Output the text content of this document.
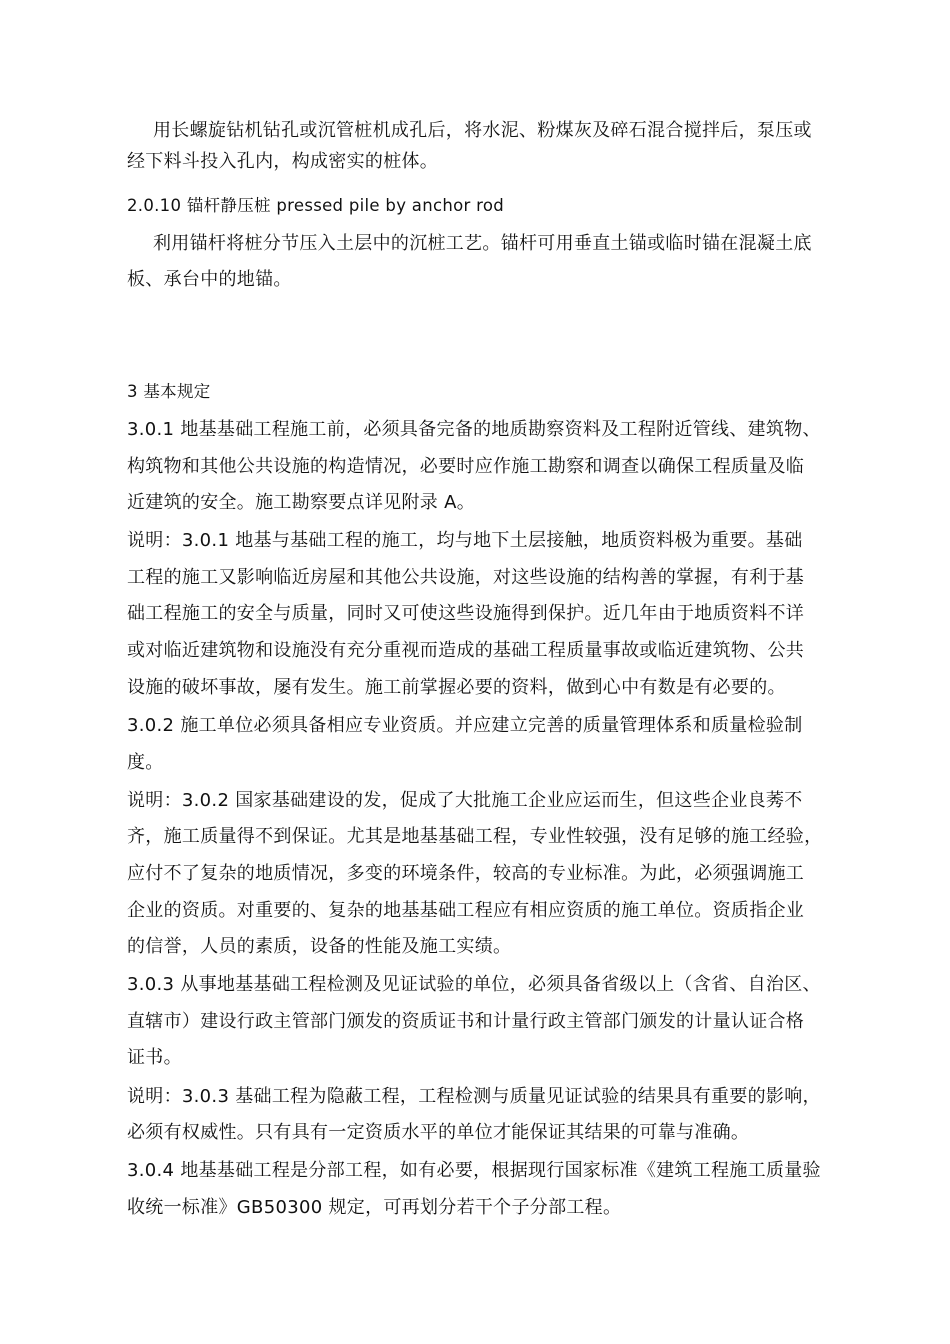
用长螺旋钻机钻孔或沉管桩机成孔后，将水泥、粉煤灰及碎石混合搅拌后，泵压或
经下料斗投入孔内，构成密实的桩体。
2.0.10 锚杆静压桩 pressed pile by anchor rod
利用锚杆将桩分节压入土层中的沉桩工艺。锚杆可用垂直土锚或临时锚在混凝土底
板、承台中的地锚。
3 基本规定
3.0.1 地基基础工程施工前，必须具备完备的地质勘察资料及工程附近管线、建筑物、
构筑物和其他公共设施的构造情况，必要时应作施工勘察和调查以确保工程质量及临
近建筑的安全。施工勘察要点详见附录 A。
说明：3.0.1 地基与基础工程的施工，均与地下土层接触，地质资料极为重要。基础
工程的施工又影响临近房屋和其他公共设施，对这些设施的结构善的掌握，有利于基
础工程施工的安全与质量，同时又可使这些设施得到保护。近几年由于地质资料不详
或对临近建筑物和设施没有充分重视而造成的基础工程质量事故或临近建筑物、公共
设施的破坏事故，屡有发生。施工前掌握必要的资料，做到心中有数是有必要的。
3.0.2 施工单位必须具备相应专业资质。并应建立完善的质量管理体系和质量检验制
度。
说明：3.0.2 国家基础建设的发，促成了大批施工企业应运而生，但这些企业良莠不
齐，施工质量得不到保证。尤其是地基基础工程，专业性较强，没有足够的施工经验，
应付不了复杂的地质情况，多变的环境条件，较高的专业标准。为此，必须强调施工
企业的资质。对重要的、复杂的地基基础工程应有相应资质的施工单位。资质指企业
的信誉，人员的素质，设备的性能及施工实绩。
3.0.3 从事地基基础工程检测及见证试验的单位，必须具备省级以上（含省、自治区、
直辖市）建设行政主管部门颁发的资质证书和计量行政主管部门颁发的计量认证合格
证书。
说明：3.0.3 基础工程为隐蔽工程，工程检测与质量见证试验的结果具有重要的影响，
必须有权威性。只有具有一定资质水平的单位才能保证其结果的可靠与准确。
3.0.4 地基基础工程是分部工程，如有必要，根据现行国家标准《建筑工程施工质量验
收统一标准》GB50300 规定，可再划分若干个子分部工程。
